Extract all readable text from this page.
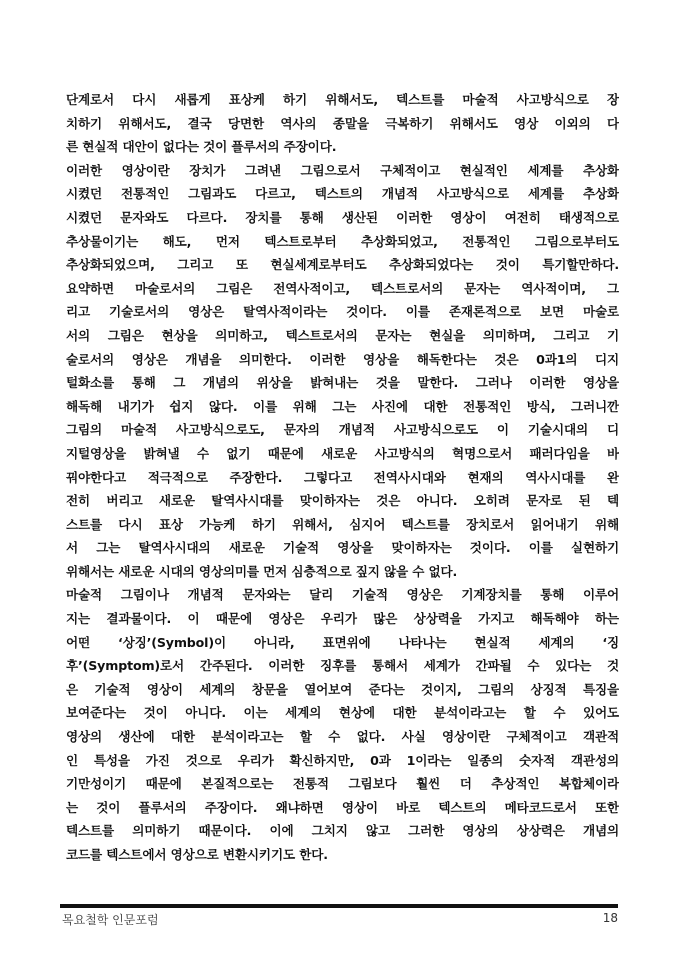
단계로서 다시 새롭게 표상케 하기 위해서도, 텍스트를 마술적 사고방식으로 장
치하기 위해서도, 결국 당면한 역사의 종말을 극복하기 위해서도 영상 이외의 다
른 현실적 대안이 없다는 것이 플루서의 주장이다.
이러한 영상이란 장치가 그려낸 그림으로서 구체적이고 현실적인 세계를 추상화
시켰던 전통적인 그림과도 다르고, 텍스트의 개념적 사고방식으로 세계를 추상화
시켰던 문자와도 다르다. 장치를 통해 생산된 이러한 영상이 여전히 태생적으로
추상물이기는 해도, 먼저 텍스트로부터 추상화되었고, 전통적인 그림으로부터도
추상화되었으며, 그리고 또 현실세계로부터도 추상화되었다는 것이 특기할만하다.
요약하면 마술로서의 그림은 전역사적이고, 텍스트로서의 문자는 역사적이며, 그
리고 기술로서의 영상은 탈역사적이라는 것이다. 이를 존재론적으로 보면 마술로
서의 그림은 현상을 의미하고, 텍스트로서의 문자는 현실을 의미하며, 그리고 기
술로서의 영상은 개념을 의미한다. 이러한 영상을 해독한다는 것은 0과1의 디지
털화소를 통해 그 개념의 위상을 밝혀내는 것을 말한다. 그러나 이러한 영상을
해독해 내기가 쉽지 않다. 이를 위해 그는 사진에 대한 전통적인 방식, 그러니깐
그림의 마술적 사고방식으로도, 문자의 개념적 사고방식으로도 이 기술시대의 디
지털영상을 밝혀낼 수 없기 때문에 새로운 사고방식의 혁명으로서 패러다임을 바
꿔야한다고 적극적으로 주장한다. 그렇다고 전역사시대와 현재의 역사시대를 완
전히 버리고 새로운 탈역사시대를 맞이하자는 것은 아니다. 오히려 문자로 된 텍
스트를 다시 표상 가능케 하기 위해서, 심지어 텍스트를 장치로서 읽어내기 위해
서 그는 탈역사시대의 새로운 기술적 영상을 맞이하자는 것이다. 이를 실현하기
위해서는 새로운 시대의 영상의미를 먼저 심층적으로 짚지 않을 수 없다.
마술적 그림이나 개념적 문자와는 달리 기술적 영상은 기계장치를 통해 이루어
지는 결과물이다. 이 때문에 영상은 우리가 많은 상상력을 가지고 해독해야 하는
어떤 ‘상징’(Symbol)이 아니라, 표면위에 나타나는 현실적 세계의 ‘징
후’(Symptom)로서 간주된다. 이러한 징후를 통해서 세계가 간파될 수 있다는 것
은 기술적 영상이 세계의 창문을 열어보여 준다는 것이지, 그림의 상징적 특징을
보여준다는 것이 아니다. 이는 세계의 현상에 대한 분석이라고는 할 수 있어도
영상의 생산에 대한 분석이라고는 할 수 없다. 사실 영상이란 구체적이고 객관적
인 특성을 가진 것으로 우리가 확신하지만, 0과 1이라는 일종의 숫자적 객관성의
기만성이기 때문에 본질적으로는 전통적 그림보다 훨씬 더 추상적인 복합체이라
는 것이 플루서의 주장이다. 왜냐하면 영상이 바로 텍스트의 메타코드로서 또한
텍스트를 의미하기 때문이다. 이에 그치지 않고 그러한 영상의 상상력은 개념의
코드를 텍스트에서 영상으로 변환시키기도 한다.
목요철학 인문포럼	18
